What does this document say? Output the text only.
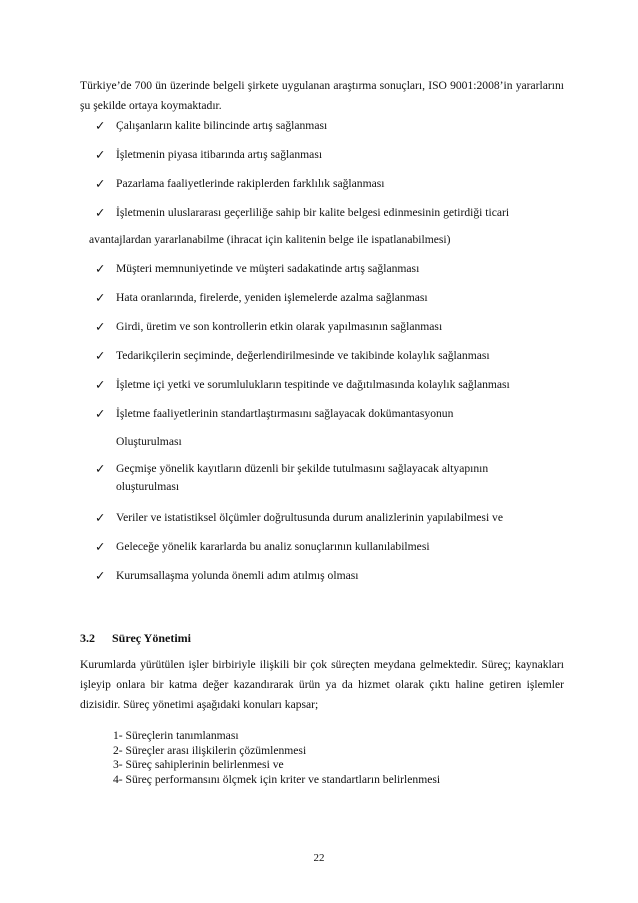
Türkiye’de 700 ün üzerinde belgeli şirkete uygulanan araştırma sonuçları, ISO 9001:2008’in yararlarını şu şekilde ortaya koymaktadır.

✓ Çalışanların kalite bilincinde artış sağlanması
✓ İşletmenin piyasa itibarında artış sağlanması
✓ Pazarlama faaliyetlerinde rakiplerden farklılık sağlanması
✓ İşletmenin uluslararası geçerliliğe sahip bir kalite belgesi edinmesinin getirdiği ticari
avantajlardan yararlanabilme (ihracat için kalitenin belge ile ispatlanabilmesi)
✓ Müşteri memnuniyetinde ve müşteri sadakatinde artış sağlanması
✓ Hata oranlarında, firelerde, yeniden işlemelerde azalma sağlanması
✓ Girdi, üretim ve son kontrollerin etkin olarak yapılmasının sağlanması
✓ Tedarikçilerin seçiminde, değerlendirilmesinde ve takibinde kolaylık sağlanması
✓ İşletme içi yetki ve sorumlulukların tespitinde ve dağıtılmasında kolaylık sağlanması
✓ İşletme faaliyetlerinin standartlaştırmasını sağlayacak dokümantasyonun
Oluşturulması
✓ Geçmişe yönelik kayıtların düzenli bir şekilde tutulmasını sağlayacak altyapının
oluşturulması
✓ Veriler ve istatistiksel ölçümler doğrultusunda durum analizlerinin yapılabilmesi ve
✓ Geleceğe yönelik kararlarda bu analiz sonuçlarının kullanılabilmesi
✓ Kurumsallaşma yolunda önemli adım atılmış olması
3.2 Süreç Yönetimi

Kurumlarda yürütülen işler birbiriyle ilişkili bir çok süreçten meydana gelmektedir. Süreç; kaynakları işleyip onlara bir katma değer kazandırarak ürün ya da hizmet olarak çıktı haline getiren işlemler dizisidir. Süreç yönetimi aşağıdaki konuları kapsar;

1- Süreçlerin tanımlanması
2- Süreçler arası ilişkilerin çözümlenmesi
3- Süreç sahiplerinin belirlenmesi ve
4- Süreç performansını ölçmek için kriter ve standartların belirlenmesi

22
